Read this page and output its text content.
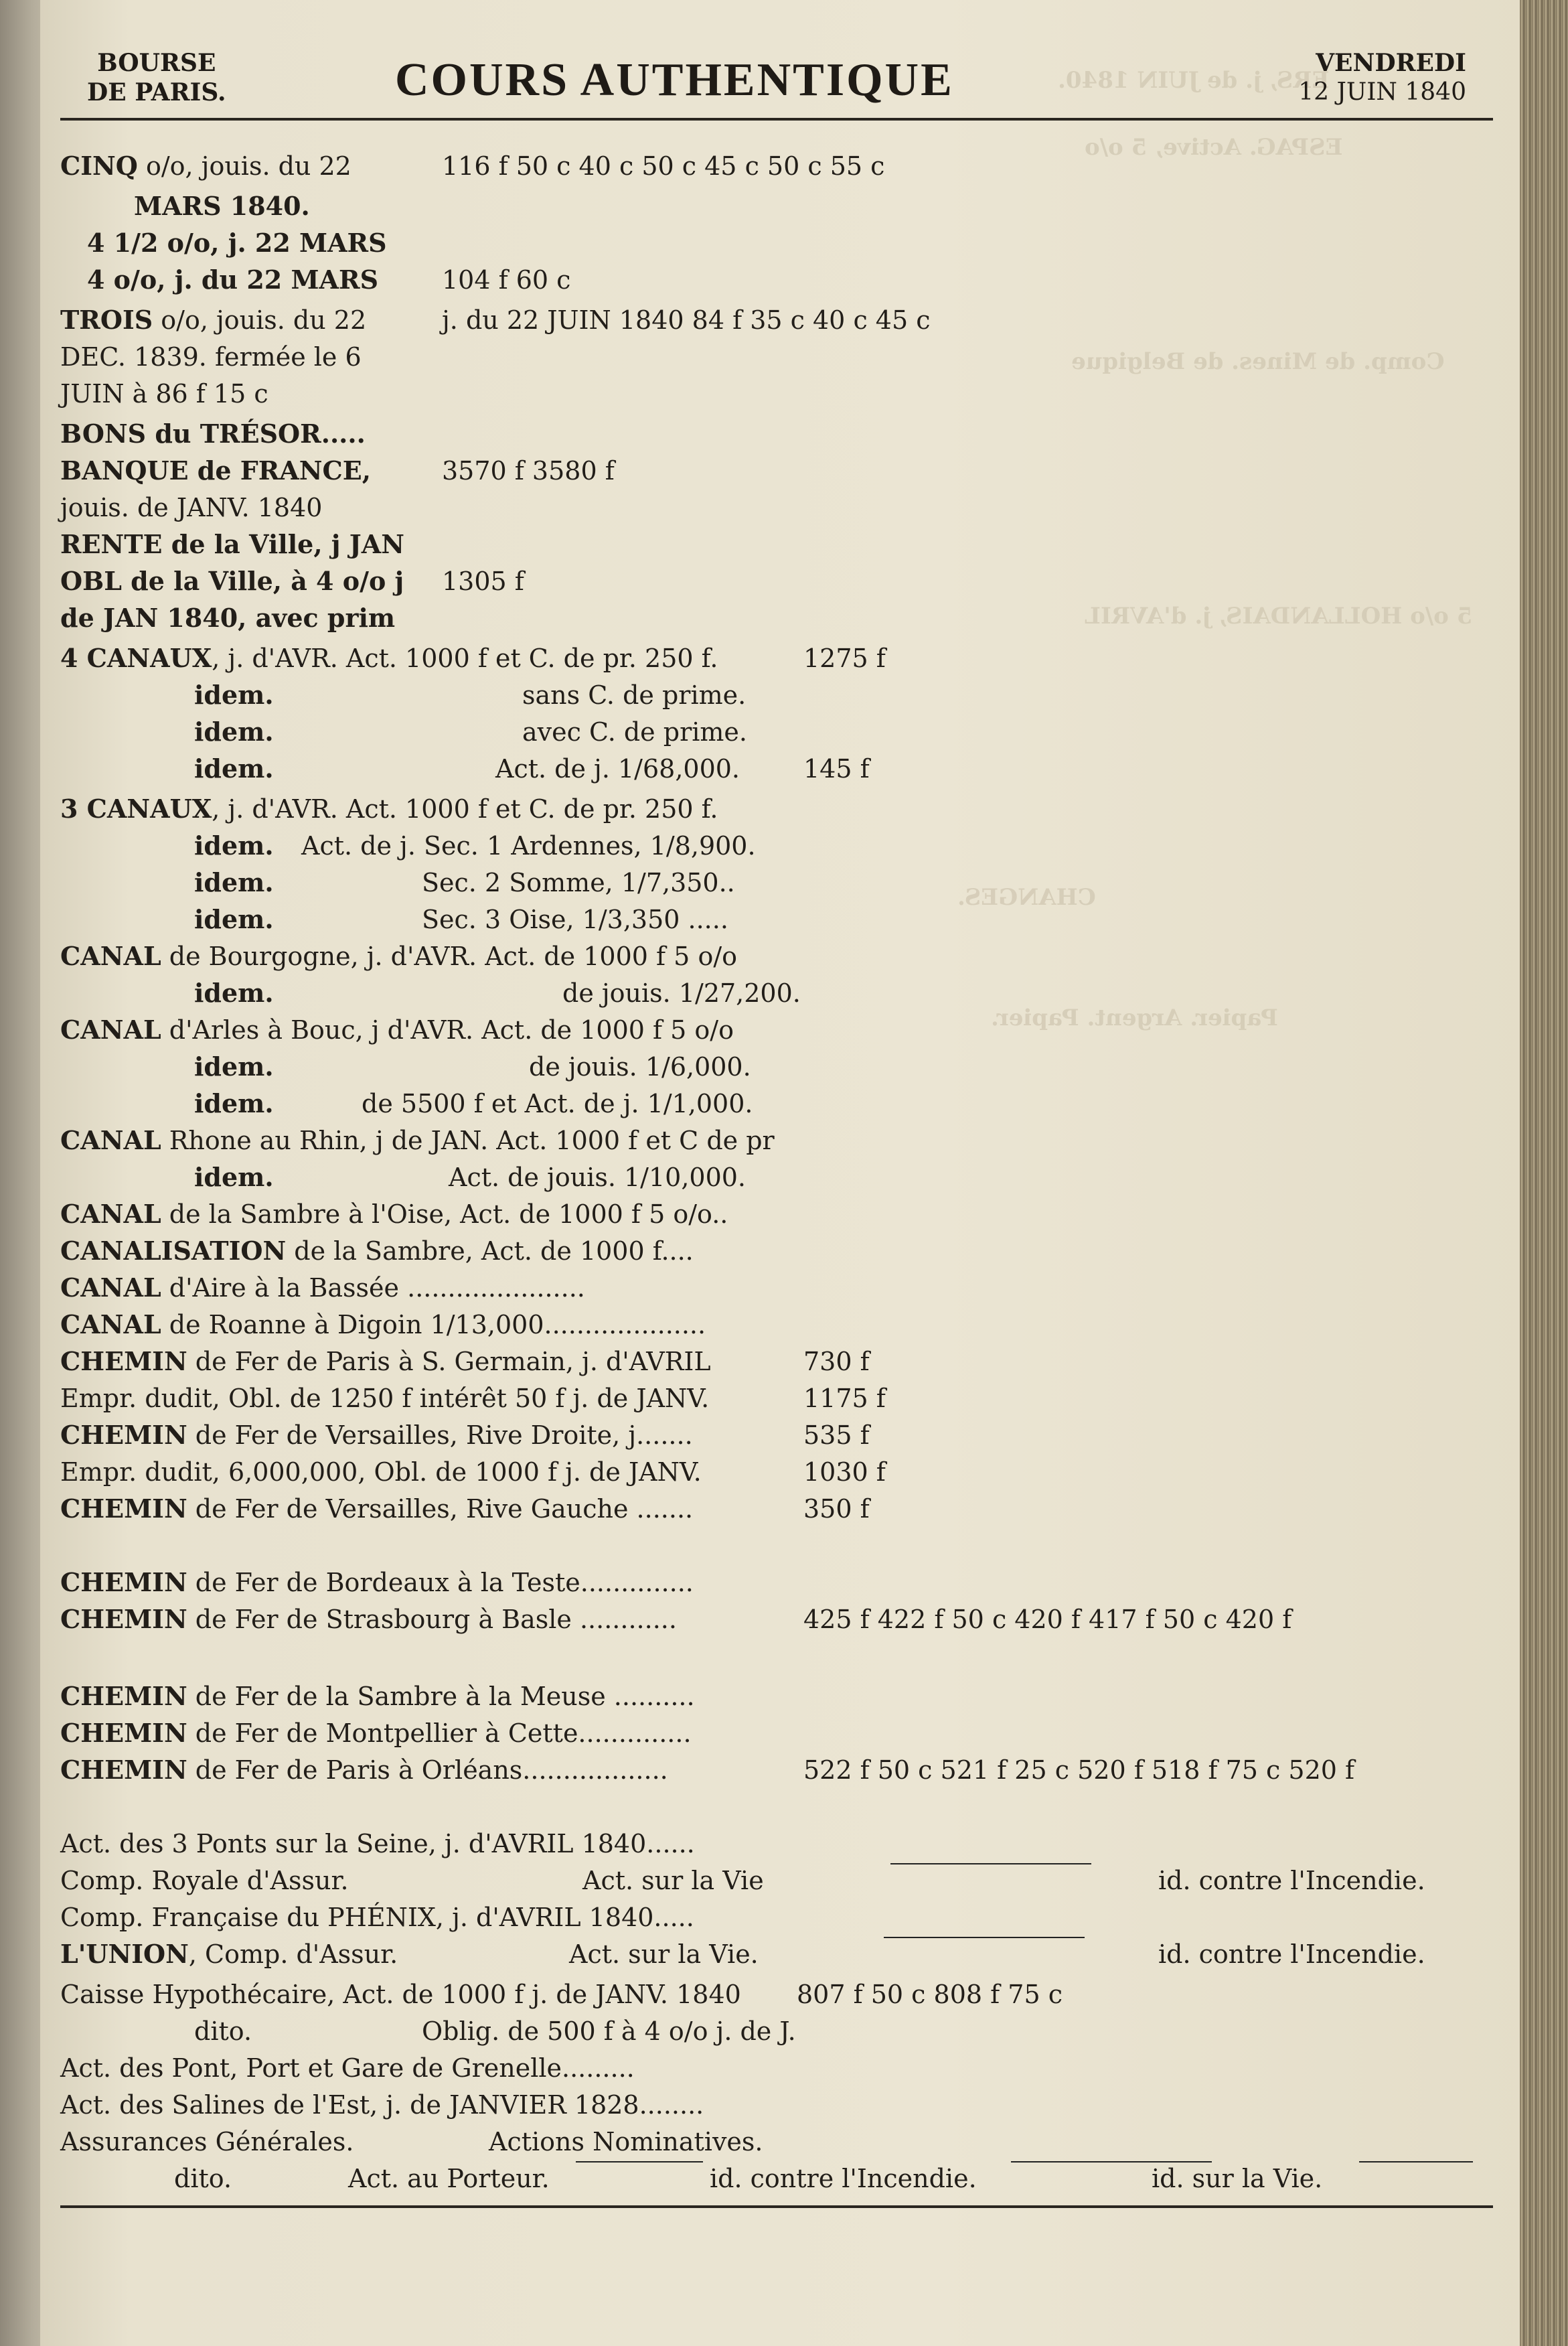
ERS, j. de JUIN 1840.
ESPAG. Active, 5 o/o
Comp. de Mines. de Belgique
5 o/o HOLLANDAIS, j. d'AVRIL
CHANGES.
Papier. Argent. Papier.
BOURSE
DE PARIS.	COURS AUTHENTIQUE	VENDREDI
12 JUIN 1840
CINQ o/o, jouis. du 22	116 f 50 c 40 c 50 c 45 c 50 c 55 c
MARS 1840.
4 1/2 o/o, j. 22 MARS
4 o/o, j. du 22 MARS 104 f 60 c
TROIS o/o, jouis. du 22	j. du 22 JUIN 1840 84 f 35 c 40 c 45 c
DEC. 1839. fermée le 6
JUIN à 86 f 15 c
BONS du TRÉSOR.....
BANQUE de FRANCE,	3570 f 3580 f
jouis. de JANV. 1840
RENTE de la Ville, j JAN
OBL de la Ville, à 4 o/o j 1305 f
de JAN 1840, avec prim
4 CANAUX, j. d'AVR. Act. 1000 f et C. de pr. 250 f.	1275 f
idem.	sans C. de prime.
idem.	avec C. de prime.
idem.	Act. de j. 1/68,000. 145 f
3 CANAUX, j. d'AVR. Act. 1000 f et C. de pr. 250 f.
idem. Act. de j. Sec. 1 Ardennes, 1/8,900.
idem.	Sec. 2 Somme, 1/7,350..
idem.	Sec. 3 Oise, 1/3,350 .....
CANAL de Bourgogne, j. d'AVR. Act. de 1000 f 5 o/o
idem.	de jouis. 1/27,200.
CANAL d'Arles à Bouc, j d'AVR. Act. de 1000 f 5 o/o
idem.	de jouis. 1/6,000.
idem.	de 5500 f et Act. de j. 1/1,000.
CANAL Rhone au Rhin, j de JAN. Act. 1000 f et C de pr
idem.	Act. de jouis. 1/10,000.
CANAL de la Sambre à l'Oise, Act. de 1000 f 5 o/o..
CANALISATION de la Sambre, Act. de 1000 f....
CANAL d'Aire à la Bassée ......................
CANAL de Roanne à Digoin 1/13,000....................
CHEMIN de Fer de Paris à S. Germain, j. d'AVRIL	730 f
Empr. dudit, Obl. de 1250 f intérêt 50 f j. de JANV.	1175 f
CHEMIN de Fer de Versailles, Rive Droite, j.......	535 f
Empr. dudit, 6,000,000, Obl. de 1000 f j. de JANV.	1030 f
CHEMIN de Fer de Versailles, Rive Gauche .......	350 f
CHEMIN de Fer de Bordeaux à la Teste..............
CHEMIN de Fer de Strasbourg à Basle ............	425 f 422 f 50 c 420 f 417 f 50 c 420 f
CHEMIN de Fer de la Sambre à la Meuse ..........
CHEMIN de Fer de Montpellier à Cette..............
CHEMIN de Fer de Paris à Orléans..................	522 f 50 c 521 f 25 c 520 f 518 f 75 c 520 f
Act. des 3 Ponts sur la Seine, j. d'AVRIL 1840......
Comp. Royale d'Assur.	Act. sur la Vie	id. contre l'Incendie.
Comp. Française du PHÉNIX, j. d'AVRIL 1840.....
L'UNION, Comp. d'Assur.	Act. sur la Vie.	id. contre l'Incendie.
Caisse Hypothécaire, Act. de 1000 f j. de JANV. 1840 807 f 50 c 808 f 75 c
dito.	Oblig. de 500 f à 4 o/o j. de J.
Act. des Pont, Port et Gare de Grenelle.........
Act. des Salines de l'Est, j. de JANVIER 1828........
Assurances Générales.	Actions Nominatives.
dito.	Act. au Porteur.	id. contre l'Incendie.	id. sur la Vie.
